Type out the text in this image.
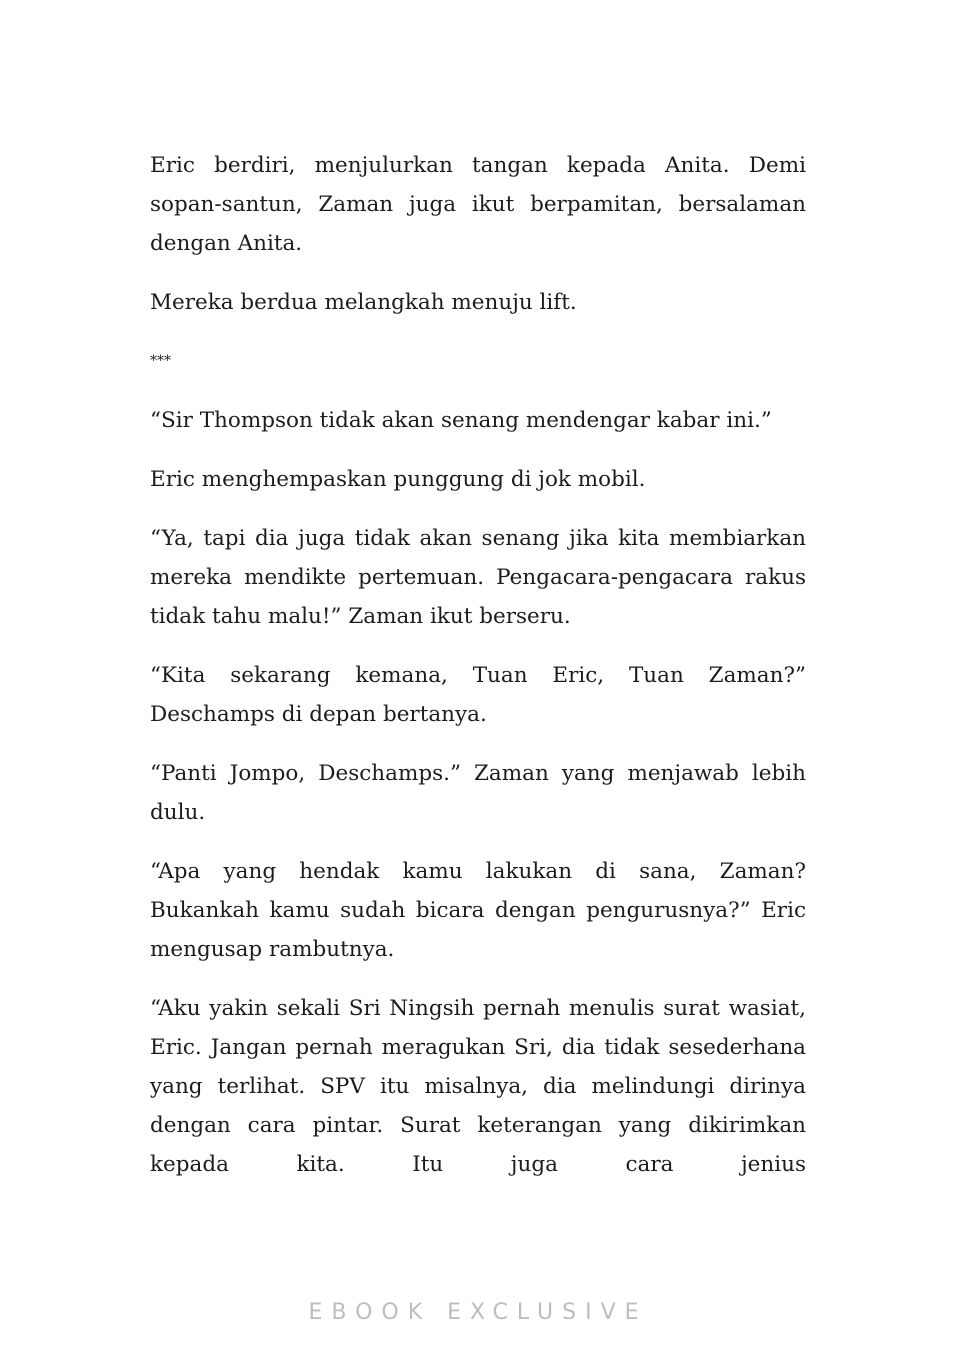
Eric berdiri, menjulurkan tangan kepada Anita. Demi sopan-santun, Zaman juga ikut berpamitan, bersalaman dengan Anita.

Mereka berdua melangkah menuju lift.

***

“Sir Thompson tidak akan senang mendengar kabar ini.”

Eric menghempaskan punggung di jok mobil.

“Ya, tapi dia juga tidak akan senang jika kita membiarkan mereka mendikte pertemuan. Pengacara-pengacara rakus tidak tahu malu!” Zaman ikut berseru.

“Kita sekarang kemana, Tuan Eric, Tuan Zaman?” Deschamps di depan bertanya.

“Panti Jompo, Deschamps.” Zaman yang menjawab lebih dulu.

“Apa yang hendak kamu lakukan di sana, Zaman? Bukankah kamu sudah bicara dengan pengurusnya?” Eric mengusap rambutnya.

“Aku yakin sekali Sri Ningsih pernah menulis surat wasiat, Eric. Jangan pernah meragukan Sri, dia tidak sesederhana yang terlihat. SPV itu misalnya, dia melindungi dirinya dengan cara pintar. Surat keterangan yang dikirimkan kepada kita. Itu juga cara jenius

EBOOK EXCLUSIVE
